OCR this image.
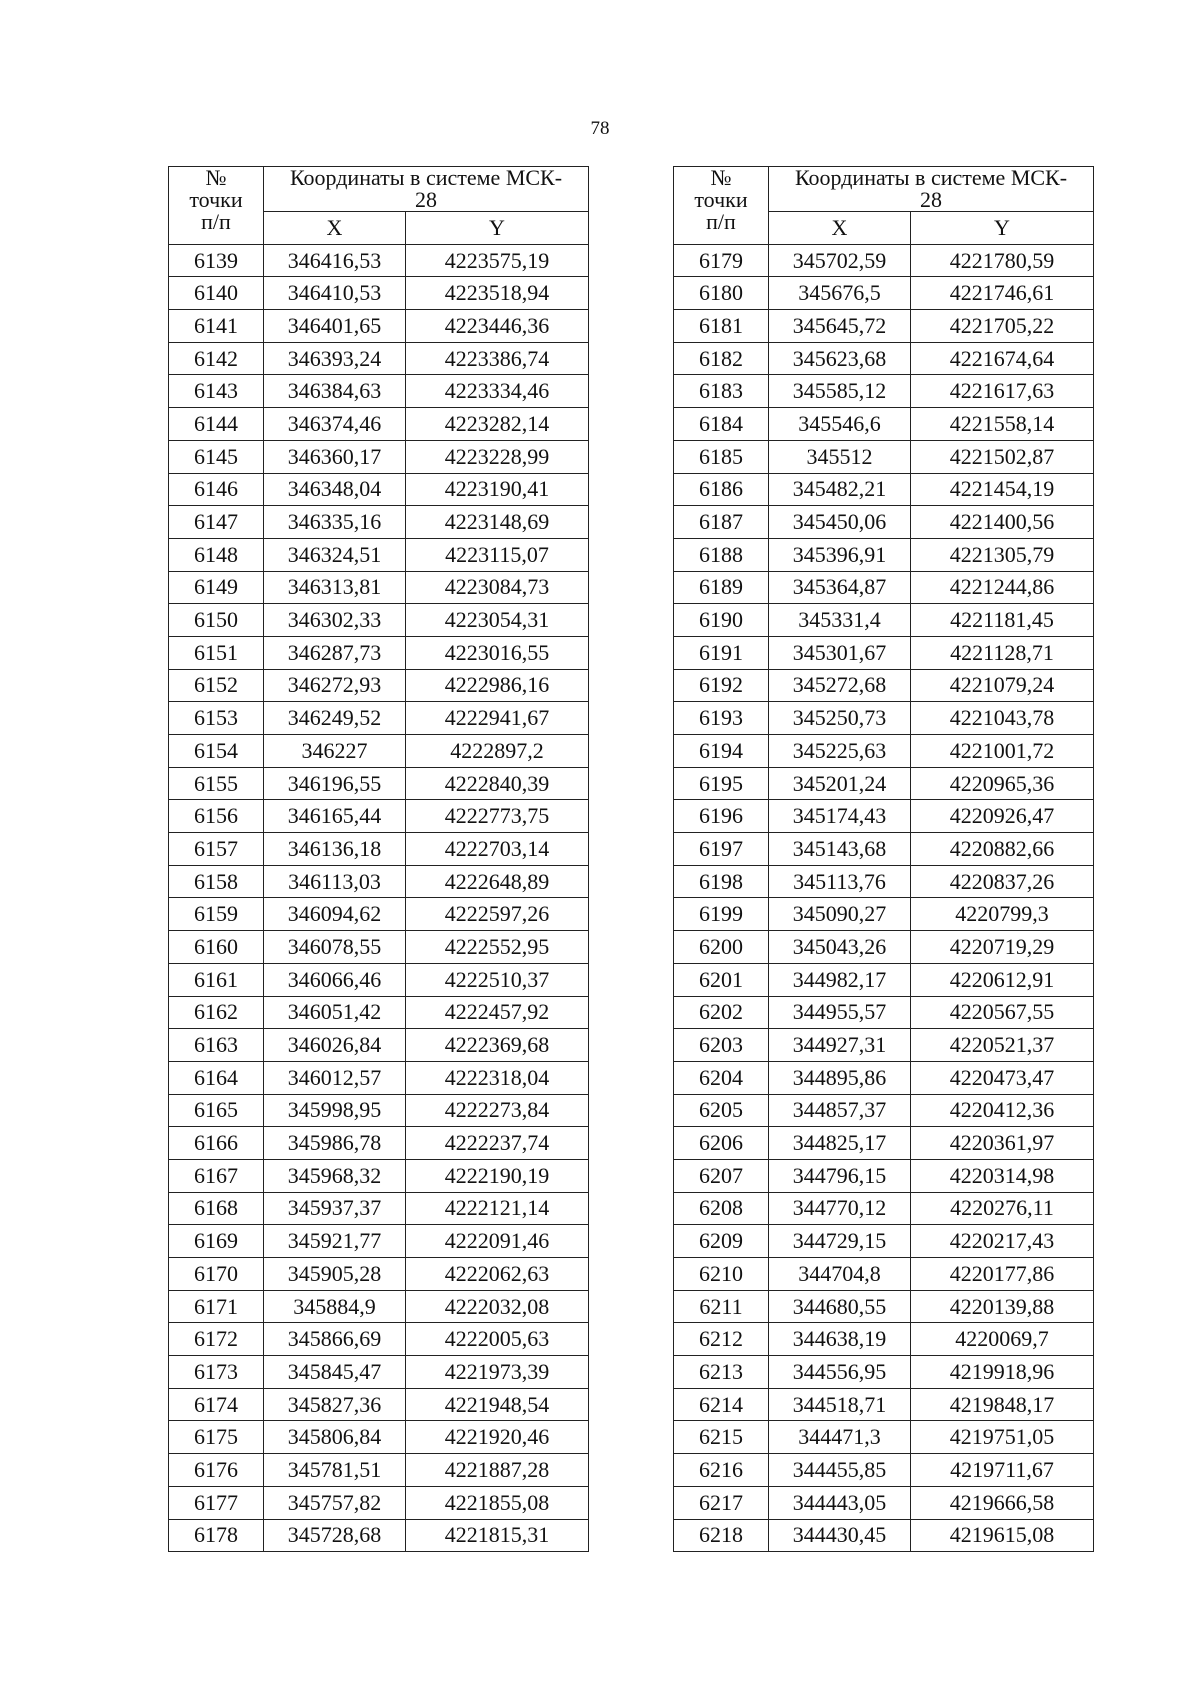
78
№
точки
п/п	Координаты в системе МСК-
28	
	X	Y
6139	346416,53	4223575,19
6140	346410,53	4223518,94
6141	346401,65	4223446,36
6142	346393,24	4223386,74
6143	346384,63	4223334,46
6144	346374,46	4223282,14
6145	346360,17	4223228,99
6146	346348,04	4223190,41
6147	346335,16	4223148,69
6148	346324,51	4223115,07
6149	346313,81	4223084,73
6150	346302,33	4223054,31
6151	346287,73	4223016,55
6152	346272,93	4222986,16
6153	346249,52	4222941,67
6154	346227	4222897,2
6155	346196,55	4222840,39
6156	346165,44	4222773,75
6157	346136,18	4222703,14
6158	346113,03	4222648,89
6159	346094,62	4222597,26
6160	346078,55	4222552,95
6161	346066,46	4222510,37
6162	346051,42	4222457,92
6163	346026,84	4222369,68
6164	346012,57	4222318,04
6165	345998,95	4222273,84
6166	345986,78	4222237,74
6167	345968,32	4222190,19
6168	345937,37	4222121,14
6169	345921,77	4222091,46
6170	345905,28	4222062,63
6171	345884,9	4222032,08
6172	345866,69	4222005,63
6173	345845,47	4221973,39
6174	345827,36	4221948,54
6175	345806,84	4221920,46
6176	345781,51	4221887,28
6177	345757,82	4221855,08
6178	345728,68	4221815,31
№
точки
п/п	Координаты в системе МСК-
28	
	X	Y
6179	345702,59	4221780,59
6180	345676,5	4221746,61
6181	345645,72	4221705,22
6182	345623,68	4221674,64
6183	345585,12	4221617,63
6184	345546,6	4221558,14
6185	345512	4221502,87
6186	345482,21	4221454,19
6187	345450,06	4221400,56
6188	345396,91	4221305,79
6189	345364,87	4221244,86
6190	345331,4	4221181,45
6191	345301,67	4221128,71
6192	345272,68	4221079,24
6193	345250,73	4221043,78
6194	345225,63	4221001,72
6195	345201,24	4220965,36
6196	345174,43	4220926,47
6197	345143,68	4220882,66
6198	345113,76	4220837,26
6199	345090,27	4220799,3
6200	345043,26	4220719,29
6201	344982,17	4220612,91
6202	344955,57	4220567,55
6203	344927,31	4220521,37
6204	344895,86	4220473,47
6205	344857,37	4220412,36
6206	344825,17	4220361,97
6207	344796,15	4220314,98
6208	344770,12	4220276,11
6209	344729,15	4220217,43
6210	344704,8	4220177,86
6211	344680,55	4220139,88
6212	344638,19	4220069,7
6213	344556,95	4219918,96
6214	344518,71	4219848,17
6215	344471,3	4219751,05
6216	344455,85	4219711,67
6217	344443,05	4219666,58
6218	344430,45	4219615,08
